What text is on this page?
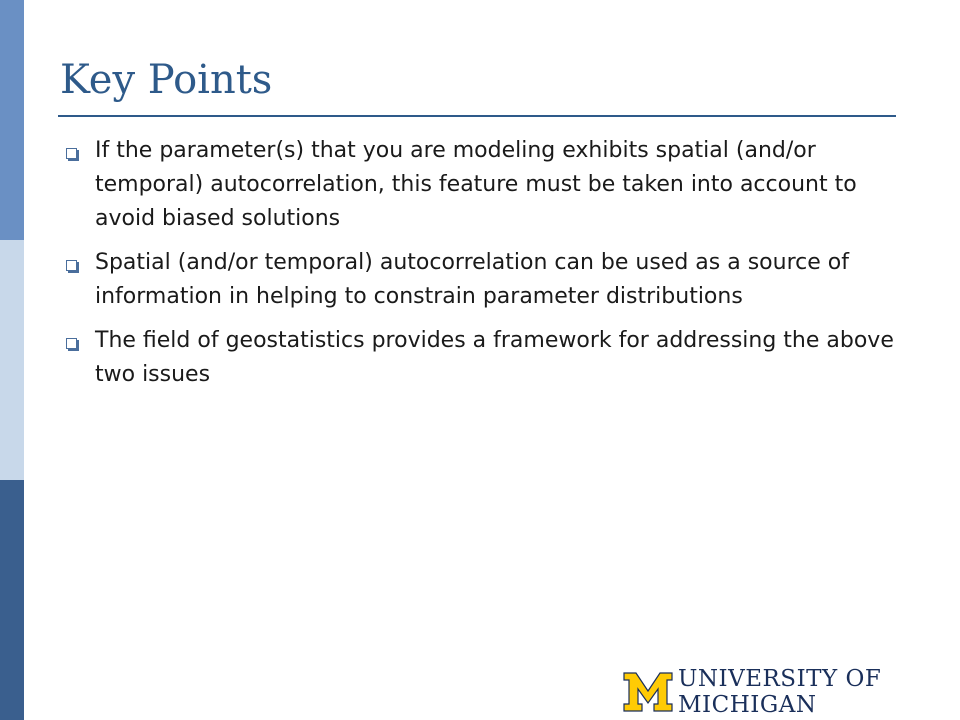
Key Points
If the parameter(s) that you are modeling exhibits spatial (and/or temporal) autocorrelation, this feature must be taken into account to avoid biased solutions
Spatial (and/or temporal) autocorrelation can be used as a source of information in helping to constrain parameter distributions
The field of geostatistics provides a framework for addressing the above two issues
UNIVERSITY OF MICHIGAN
